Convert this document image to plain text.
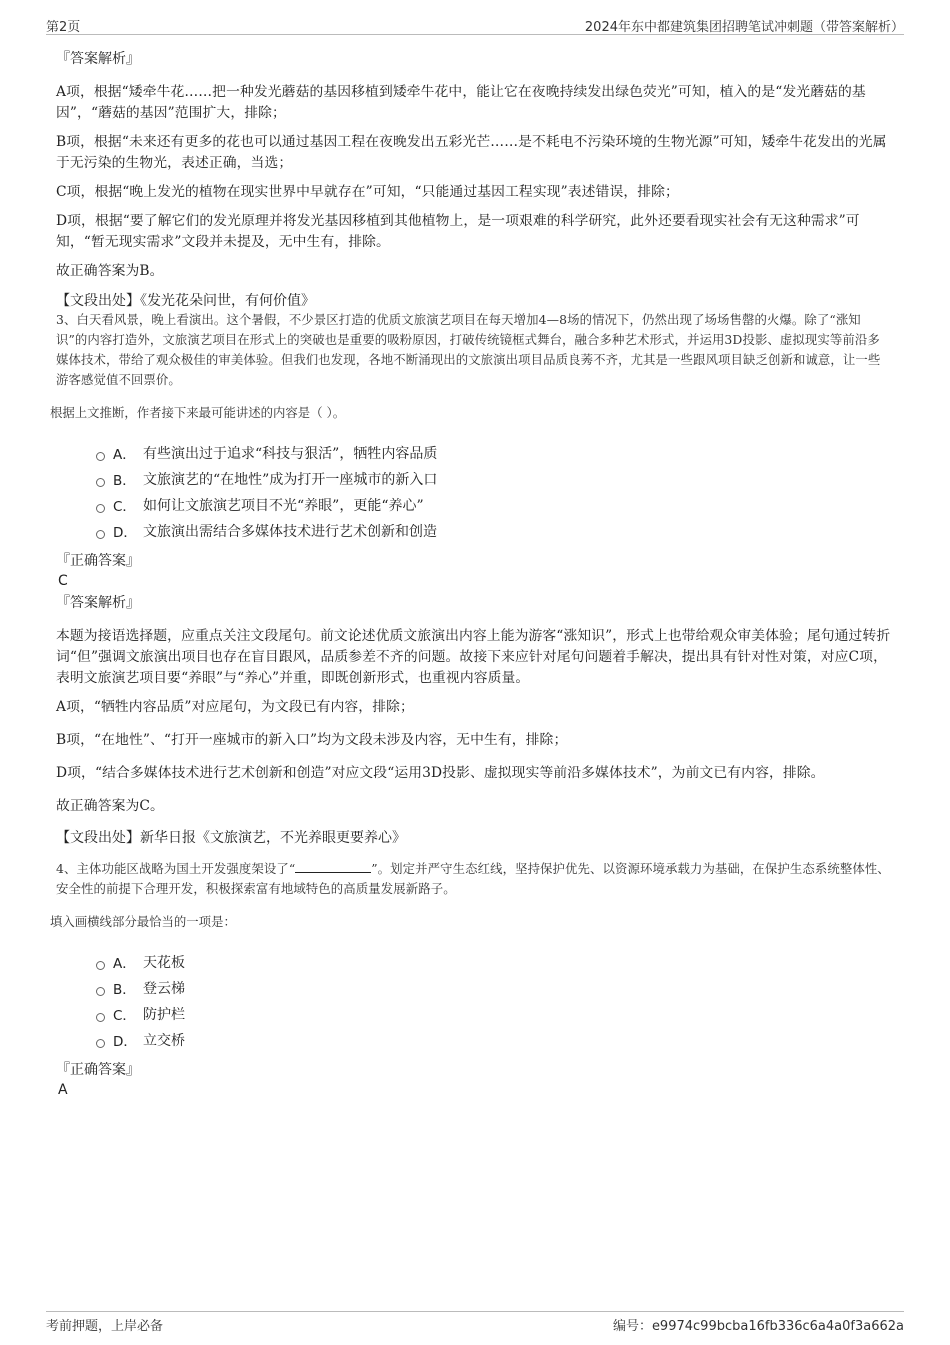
第2页	2024年东中都建筑集团招聘笔试冲刺题（带答案解析）
『答案解析』
A项，根据“矮牵牛花……把一种发光蘑菇的基因移植到矮牵牛花中，能让它在夜晚持续发出绿色荧光”可知，植入的是“发光蘑菇的基因”，“蘑菇的基因”范围扩大，排除；
B项，根据“未来还有更多的花也可以通过基因工程在夜晚发出五彩光芒……是不耗电不污染环境的生物光源”可知，矮牵牛花发出的光属于无污染的生物光，表述正确，当选；
C项，根据“晚上发光的植物在现实世界中早就存在”可知，“只能通过基因工程实现”表述错误，排除；
D项，根据“要了解它们的发光原理并将发光基因移植到其他植物上，是一项艰难的科学研究，此外还要看现实社会有无这种需求”可知，“暂无现实需求”文段并未提及，无中生有，排除。
故正确答案为B。
【文段出处】《发光花朵问世，有何价值》
3、白天看风景，晚上看演出。这个暑假，不少景区打造的优质文旅演艺项目在每天增加4—8场的情况下，仍然出现了场场售罄的火爆。除了“涨知识”的内容打造外，文旅演艺项目在形式上的突破也是重要的吸粉原因，打破传统镜框式舞台，融合多种艺术形式，并运用3D投影、虚拟现实等前沿多媒体技术，带给了观众极佳的审美体验。但我们也发现，各地不断涌现出的文旅演出项目品质良莠不齐，尤其是一些跟风项目缺乏创新和诚意，让一些游客感觉值不回票价。
根据上文推断，作者接下来最可能讲述的内容是（ ）。
A． 有些演出过于追求“科技与狠活”，牺牲内容品质
B． 文旅演艺的“在地性”成为打开一座城市的新入口
C． 如何让文旅演艺项目不光“养眼”，更能“养心”
D． 文旅演出需结合多媒体技术进行艺术创新和创造
『正确答案』
C
『答案解析』
本题为接语选择题，应重点关注文段尾句。前文论述优质文旅演出内容上能为游客“涨知识”，形式上也带给观众审美体验；尾句通过转折词“但”强调文旅演出项目也存在盲目跟风，品质参差不齐的问题。故接下来应针对尾句问题着手解决，提出具有针对性对策，对应C项，表明文旅演艺项目要“养眼”与“养心”并重，即既创新形式，也重视内容质量。
A项，“牺牲内容品质”对应尾句，为文段已有内容，排除；
B项，“在地性”、“打开一座城市的新入口”均为文段未涉及内容，无中生有，排除；
D项，“结合多媒体技术进行艺术创新和创造”对应文段“运用3D投影、虚拟现实等前沿多媒体技术”，为前文已有内容，排除。
故正确答案为C。
【文段出处】新华日报《文旅演艺，不光养眼更要养心》
4、主体功能区战略为国土开发强度架设了“	”。划定并严守生态红线，坚持保护优先、以资源环境承载力为基础，在保护生态系统整体性、安全性的前提下合理开发，积极探索富有地域特色的高质量发展新路子。
填入画横线部分最恰当的一项是：
A． 天花板
B． 登云梯
C． 防护栏
D． 立交桥
『正确答案』
A
考前押题，上岸必备	编号：e9974c99bcba16fb336c6a4a0f3a662a
